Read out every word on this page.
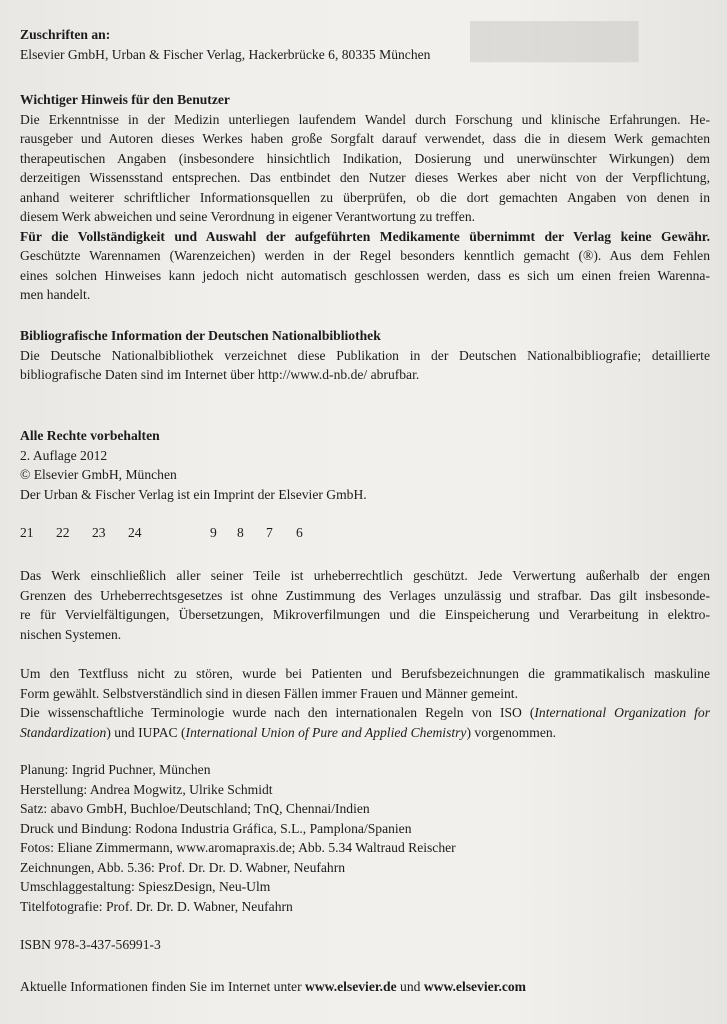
███████
Zuschriften an:
Elsevier GmbH, Urban & Fischer Verlag, Hackerbrücke 6, 80335 München
Wichtiger Hinweis für den Benutzer
Die Erkenntnisse in der Medizin unterliegen laufendem Wandel durch Forschung und klinische Erfahrungen. He-
rausgeber und Autoren dieses Werkes haben große Sorgfalt darauf verwendet, dass die in diesem Werk gemachten
therapeutischen Angaben (insbesondere hinsichtlich Indikation, Dosierung und unerwünschter Wirkungen) dem
derzeitigen Wissensstand entsprechen. Das entbindet den Nutzer dieses Werkes aber nicht von der Verpflichtung,
anhand weiterer schriftlicher Informationsquellen zu überprüfen, ob die dort gemachten Angaben von denen in
diesem Werk abweichen und seine Verordnung in eigener Verantwortung zu treffen.
Für die Vollständigkeit und Auswahl der aufgeführten Medikamente übernimmt der Verlag keine Gewähr.
Geschützte Warennamen (Warenzeichen) werden in der Regel besonders kenntlich gemacht (®). Aus dem Fehlen
eines solchen Hinweises kann jedoch nicht automatisch geschlossen werden, dass es sich um einen freien Warenna-
men handelt.
Bibliografische Information der Deutschen Nationalbibliothek
Die Deutsche Nationalbibliothek verzeichnet diese Publikation in der Deutschen Nationalbibliografie; detaillierte
bibliografische Daten sind im Internet über http://www.d-nb.de/ abrufbar.
Alle Rechte vorbehalten
2. Auflage 2012
© Elsevier GmbH, München
Der Urban & Fischer Verlag ist ein Imprint der Elsevier GmbH.
21 22 23 24	9 8 7 6
Das Werk einschließlich aller seiner Teile ist urheberrechtlich geschützt. Jede Verwertung außerhalb der engen
Grenzen des Urheberrechtsgesetzes ist ohne Zustimmung des Verlages unzulässig und strafbar. Das gilt insbesonde-
re für Vervielfältigungen, Übersetzungen, Mikroverfilmungen und die Einspeicherung und Verarbeitung in elektro-
nischen Systemen.
Um den Textfluss nicht zu stören, wurde bei Patienten und Berufsbezeichnungen die grammatikalisch maskuline
Form gewählt. Selbstverständlich sind in diesen Fällen immer Frauen und Männer gemeint.
Die wissenschaftliche Terminologie wurde nach den internationalen Regeln von ISO (International Organization for
Standardization) und IUPAC (International Union of Pure and Applied Chemistry) vorgenommen.
Planung: Ingrid Puchner, München
Herstellung: Andrea Mogwitz, Ulrike Schmidt
Satz: abavo GmbH, Buchloe/Deutschland; TnQ, Chennai/Indien
Druck und Bindung: Rodona Industria Gráfica, S.L., Pamplona/Spanien
Fotos: Eliane Zimmermann, www.aromapraxis.de; Abb. 5.34 Waltraud Reischer
Zeichnungen, Abb. 5.36: Prof. Dr. Dr. D. Wabner, Neufahrn
Umschlaggestaltung: SpieszDesign, Neu-Ulm
Titelfotografie: Prof. Dr. Dr. D. Wabner, Neufahrn
ISBN 978-3-437-56991-3
Aktuelle Informationen finden Sie im Internet unter www.elsevier.de und www.elsevier.com
